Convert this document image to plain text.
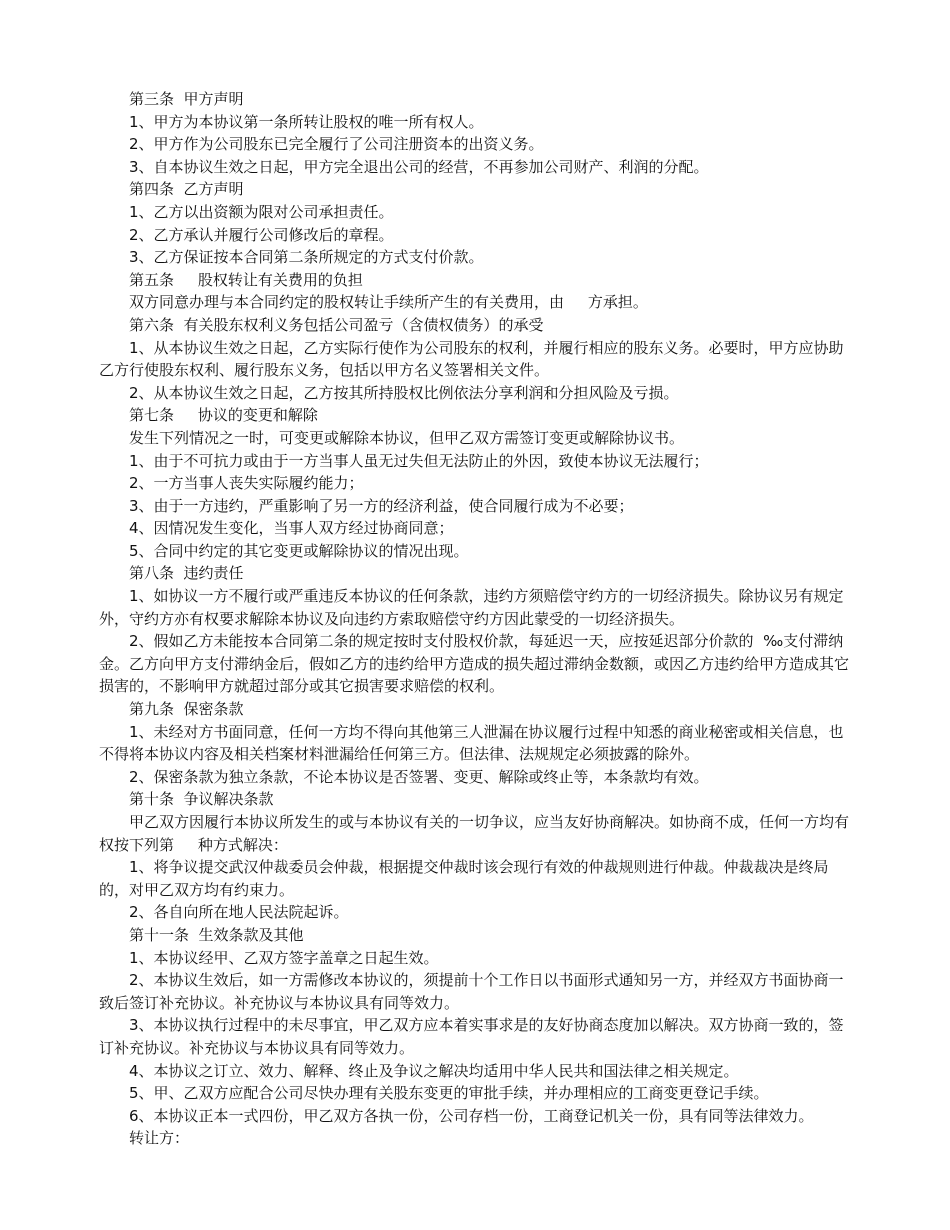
第三条  甲方声明

1、甲方为本协议第一条所转让股权的唯一所有权人。

2、甲方作为公司股东已完全履行了公司注册资本的出资义务。

3、自本协议生效之日起，甲方完全退出公司的经营，不再参加公司财产、利润的分配。

第四条  乙方声明

1、乙方以出资额为限对公司承担责任。

2、乙方承认并履行公司修改后的章程。

3、乙方保证按本合同第二条所规定的方式支付价款。

第五条     股权转让有关费用的负担

双方同意办理与本合同约定的股权转让手续所产生的有关费用，由     方承担。

第六条  有关股东权利义务包括公司盈亏（含债权债务）的承受

1、从本协议生效之日起，乙方实际行使作为公司股东的权利，并履行相应的股东义务。必要时，甲方应协助乙方行使股东权利、履行股东义务，包括以甲方名义签署相关文件。

2、从本协议生效之日起，乙方按其所持股权比例依法分享利润和分担风险及亏损。

第七条     协议的变更和解除

发生下列情况之一时，可变更或解除本协议，但甲乙双方需签订变更或解除协议书。

1、由于不可抗力或由于一方当事人虽无过失但无法防止的外因，致使本协议无法履行；

2、一方当事人丧失实际履约能力；

3、由于一方违约，严重影响了另一方的经济利益，使合同履行成为不必要；

4、因情况发生变化，当事人双方经过协商同意；

5、合同中约定的其它变更或解除协议的情况出现。

第八条  违约责任

1、如协议一方不履行或严重违反本协议的任何条款，违约方须赔偿守约方的一切经济损失。除协议另有规定外，守约方亦有权要求解除本协议及向违约方索取赔偿守约方因此蒙受的一切经济损失。

2、假如乙方未能按本合同第二条的规定按时支付股权价款，每延迟一天，应按延迟部分价款的  ‰支付滞纳金。乙方向甲方支付滞纳金后，假如乙方的违约给甲方造成的损失超过滞纳金数额，或因乙方违约给甲方造成其它损害的，不影响甲方就超过部分或其它损害要求赔偿的权利。

第九条  保密条款

1、未经对方书面同意，任何一方均不得向其他第三人泄漏在协议履行过程中知悉的商业秘密或相关信息，也不得将本协议内容及相关档案材料泄漏给任何第三方。但法律、法规规定必须披露的除外。

2、保密条款为独立条款，不论本协议是否签署、变更、解除或终止等，本条款均有效。

第十条  争议解决条款

甲乙双方因履行本协议所发生的或与本协议有关的一切争议，应当友好协商解决。如协商不成，任何一方均有权按下列第     种方式解决：

1、将争议提交武汉仲裁委员会仲裁，根据提交仲裁时该会现行有效的仲裁规则进行仲裁。仲裁裁决是终局的，对甲乙双方均有约束力。

2、各自向所在地人民法院起诉。

第十一条  生效条款及其他

1、本协议经甲、乙双方签字盖章之日起生效。

2、本协议生效后，如一方需修改本协议的，须提前十个工作日以书面形式通知另一方，并经双方书面协商一致后签订补充协议。补充协议与本协议具有同等效力。

3、本协议执行过程中的未尽事宜，甲乙双方应本着实事求是的友好协商态度加以解决。双方协商一致的，签订补充协议。补充协议与本协议具有同等效力。

4、本协议之订立、效力、解释、终止及争议之解决均适用中华人民共和国法律之相关规定。

5、甲、乙双方应配合公司尽快办理有关股东变更的审批手续，并办理相应的工商变更登记手续。

6、本协议正本一式四份，甲乙双方各执一份，公司存档一份，工商登记机关一份，具有同等法律效力。

转让方：
